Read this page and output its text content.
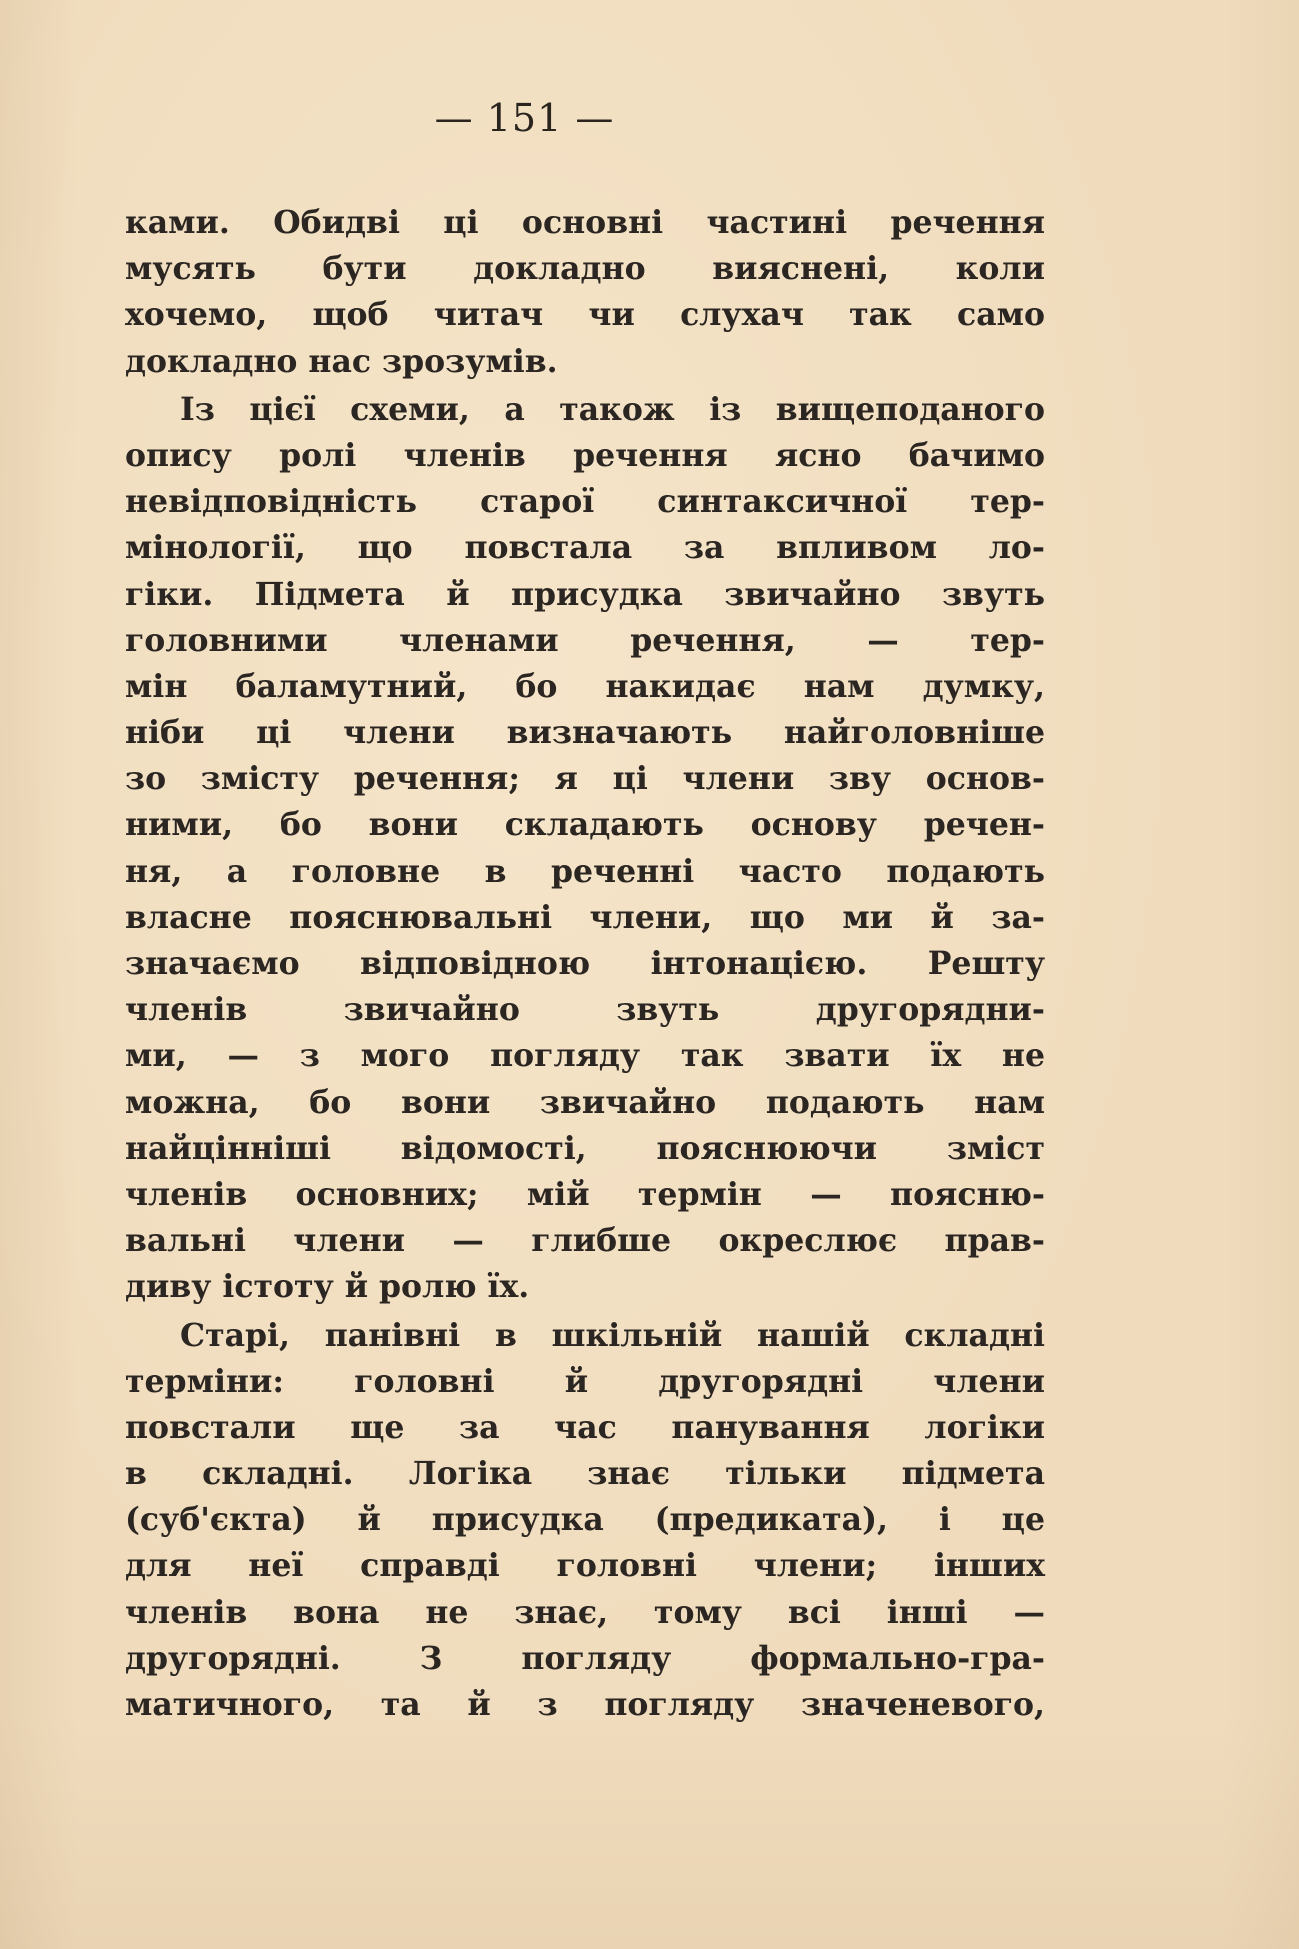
— 151 —

ками. Обидві ці основні частині речення
мусять бути докладно вияснені, коли
хочемо, щоб читач чи слухач так само
докладно нас зрозумів.

Із цієї схеми, а також із вищеподаного
опису ролі членів речення ясно бачимо
невідповідність старої синтаксичної тер-
мінології, що повстала за впливом ло-
гіки. Підмета й присудка звичайно звуть
головними членами речення, — тер-
мін баламутний, бо накидає нам думку,
ніби ці члени визначають найголовніше
зо змісту речення; я ці члени зву основ-
ними, бо вони складають основу речен-
ня, а головне в реченні часто подають
власне пояснювальні члени, що ми й за-
значаємо відповідною інтонацією. Решту
членів звичайно звуть другорядни-
ми, — з мого погляду так звати їх не
можна, бо вони звичайно подають нам
найцінніші відомості, пояснюючи зміст
членів основних; мій термін — поясню-
вальні члени — глибше окреслює прав-
диву істоту й ролю їх.

Старі, панівні в шкільній нашій складні
терміни: головні й другорядні члени
повстали ще за час панування логіки
в складні. Логіка знає тільки підмета
(суб'єкта) й присудка (предиката), і це
для неї справді головні члени; інших
членів вона не знає, тому всі інші —
другорядні. З погляду формально-гра-
матичного, та й з погляду значеневого,
